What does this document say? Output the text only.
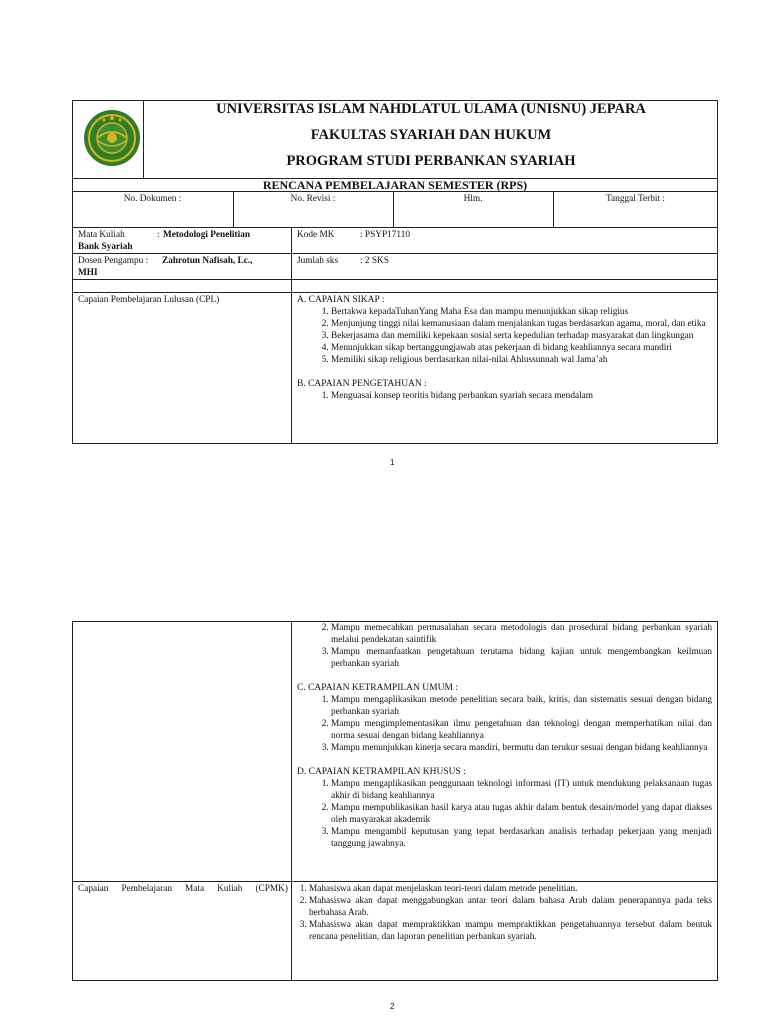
UNIVERSITAS ISLAM NAHDLATUL ULAMA (UNISNU) JEPARA
FAKULTAS SYARIAH DAN HUKUM
PROGRAM STUDI PERBANKAN SYARIAH
RENCANA PEMBELAJARAN SEMESTER (RPS)
No. Dokumen :	No. Revisi :	Hlm.	Tanggal Terbit :
Mata Kuliah	: Metodologi Penelitian
Bank Syariah
Kode MK	: PSYP17110
Dosen Pengampu : Zahrotun Nafisah, Lc.,
MHI
Jumlah sks : 2 SKS
Capaian Pembelajaran Lulusan (CPL)	A. CAPAIAN SIKAP :
1. Bertakwa kepadaTuhanYang Maha Esa dan mampu menunjukkan sikap religius
2. Menjunjung tinggi nilai kemanusiaan dalam menjalankan tugas berdasarkan agama, moral, dan etika
3. Bekerjasama dan memiliki kepekaan sosial serta kepedulian terhadap masyarakat dan lingkungan
4. Menunjukkan sikap bertanggungjawab atas pekerjaan di bidang keahliannya secara mandiri
5. Memiliki sikap religious berdasarkan nilai-nilai Ahlussunnah wal Jama’ah
B. CAPAIAN PENGETAHUAN :
1. Menguasai konsep teoritis bidang perbankan syariah secara mendalam
1
2. Mampu memecahkan permasalahan secara metodologis dan prosedural bidang perbankan syariah melalui pendekatan saintifik
3. Mampu memanfaatkan pengetahuan terutama bidang kajian untuk mengembangkan keilmuan perbankan syariah
C. CAPAIAN KETRAMPILAN UMUM :
1. Mampu mengaplikasikan metode penelitian secara baik, kritis, dan sistematis sesuai dengan bidang perbankan syariah
2. Mampu mengimplementasikan ilmu pengetahuan dan teknologi dengan memperhatikan nilai dan norma sesuai dengan bidang keahliannya
3. Mampu menunjukkan kinerja secara mandiri, bermutu dan terukur sesuai dengan bidang keahliannya
D. CAPAIAN KETRAMPILAN KHUSUS :
1. Mampu mengaplikasikan penggunaan teknologi informasi (IT) untuk mendukung pelaksanaan tugas akhir di bidang keahliannya
2. Mampu mempublikasikan hasil karya atau tugas akhir dalam bentuk desain/model yang dapat diakses oleh masyarakat akademik
3. Mampu mengambil keputusan yang tepat berdasarkan analisis terhadap pekerjaan yang menjadi tanggung jawabnya.
Capaian Pembelajaran Mata Kuliah (CPMK)
1. Mahasiswa akan dapat menjelaskan teori-teori dalam metode penelitian.
2. Mahasiswa akan dapat menggabungkan antar teori dalam bahasa Arab dalam penerapannya pada teks berbahasa Arab.
3. Mahasiswa akan dapat mempraktikkan mampu mempraktikkan pengetahuannya tersebut dalam bentuk rencana penelitian, dan laporan penelitian perbankan syariah.
2
